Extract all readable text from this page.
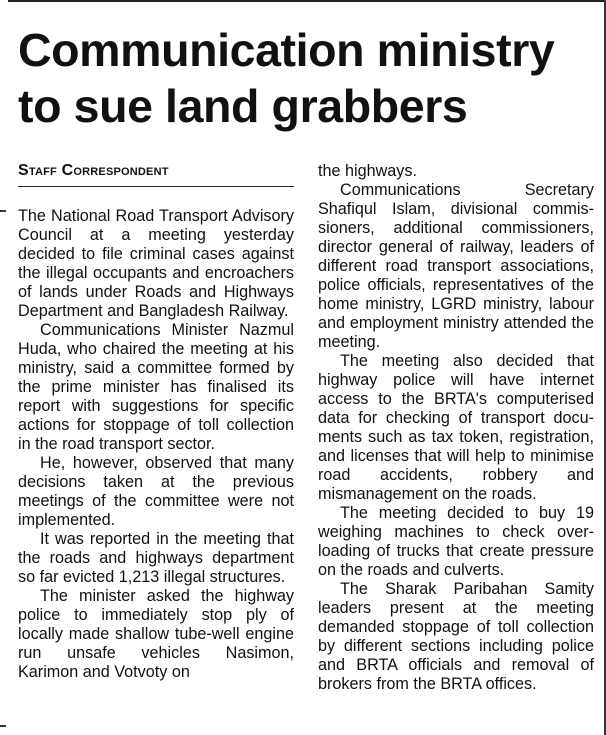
Communication ministry
to sue land grabbers
Staff Correspondent

The National Road Transport Advisory Council at a meeting yesterday decided to file criminal cases against the illegal occupants and encroachers of lands under Roads and Highways Department and Bangladesh Railway.

Communications Minister Nazmul Huda, who chaired the meeting at his ministry, said a committee formed by the prime minister has finalised its report with suggestions for specific actions for stoppage of toll collection in the road transport sector.

He, however, observed that many decisions taken at the previous meetings of the committee were not implemented.

It was reported in the meeting that the roads and highways department so far evicted 1,213 illegal structures.

The minister asked the highway police to immediately stop ply of locally made shallow tube-well engine run unsafe vehicles Nasimon, Karimon and Votvoty on

the highways.

Communications Secretary Shafiqul Islam, divisional commissioners, additional commissioners, director general of railway, leaders of different road transport associations, police officials, representatives of the home ministry, LGRD ministry, labour and employment ministry attended the meeting.

The meeting also decided that highway police will have internet access to the BRTA's computerised data for checking of transport documents such as tax token, registration, and licenses that will help to minimise road accidents, robbery and mismanagement on the roads.

The meeting decided to buy 19 weighing machines to check overloading of trucks that create pressure on the roads and culverts.

The Sharak Paribahan Samity leaders present at the meeting demanded stoppage of toll collection by different sections including police and BRTA officials and removal of brokers from the BRTA offices.
